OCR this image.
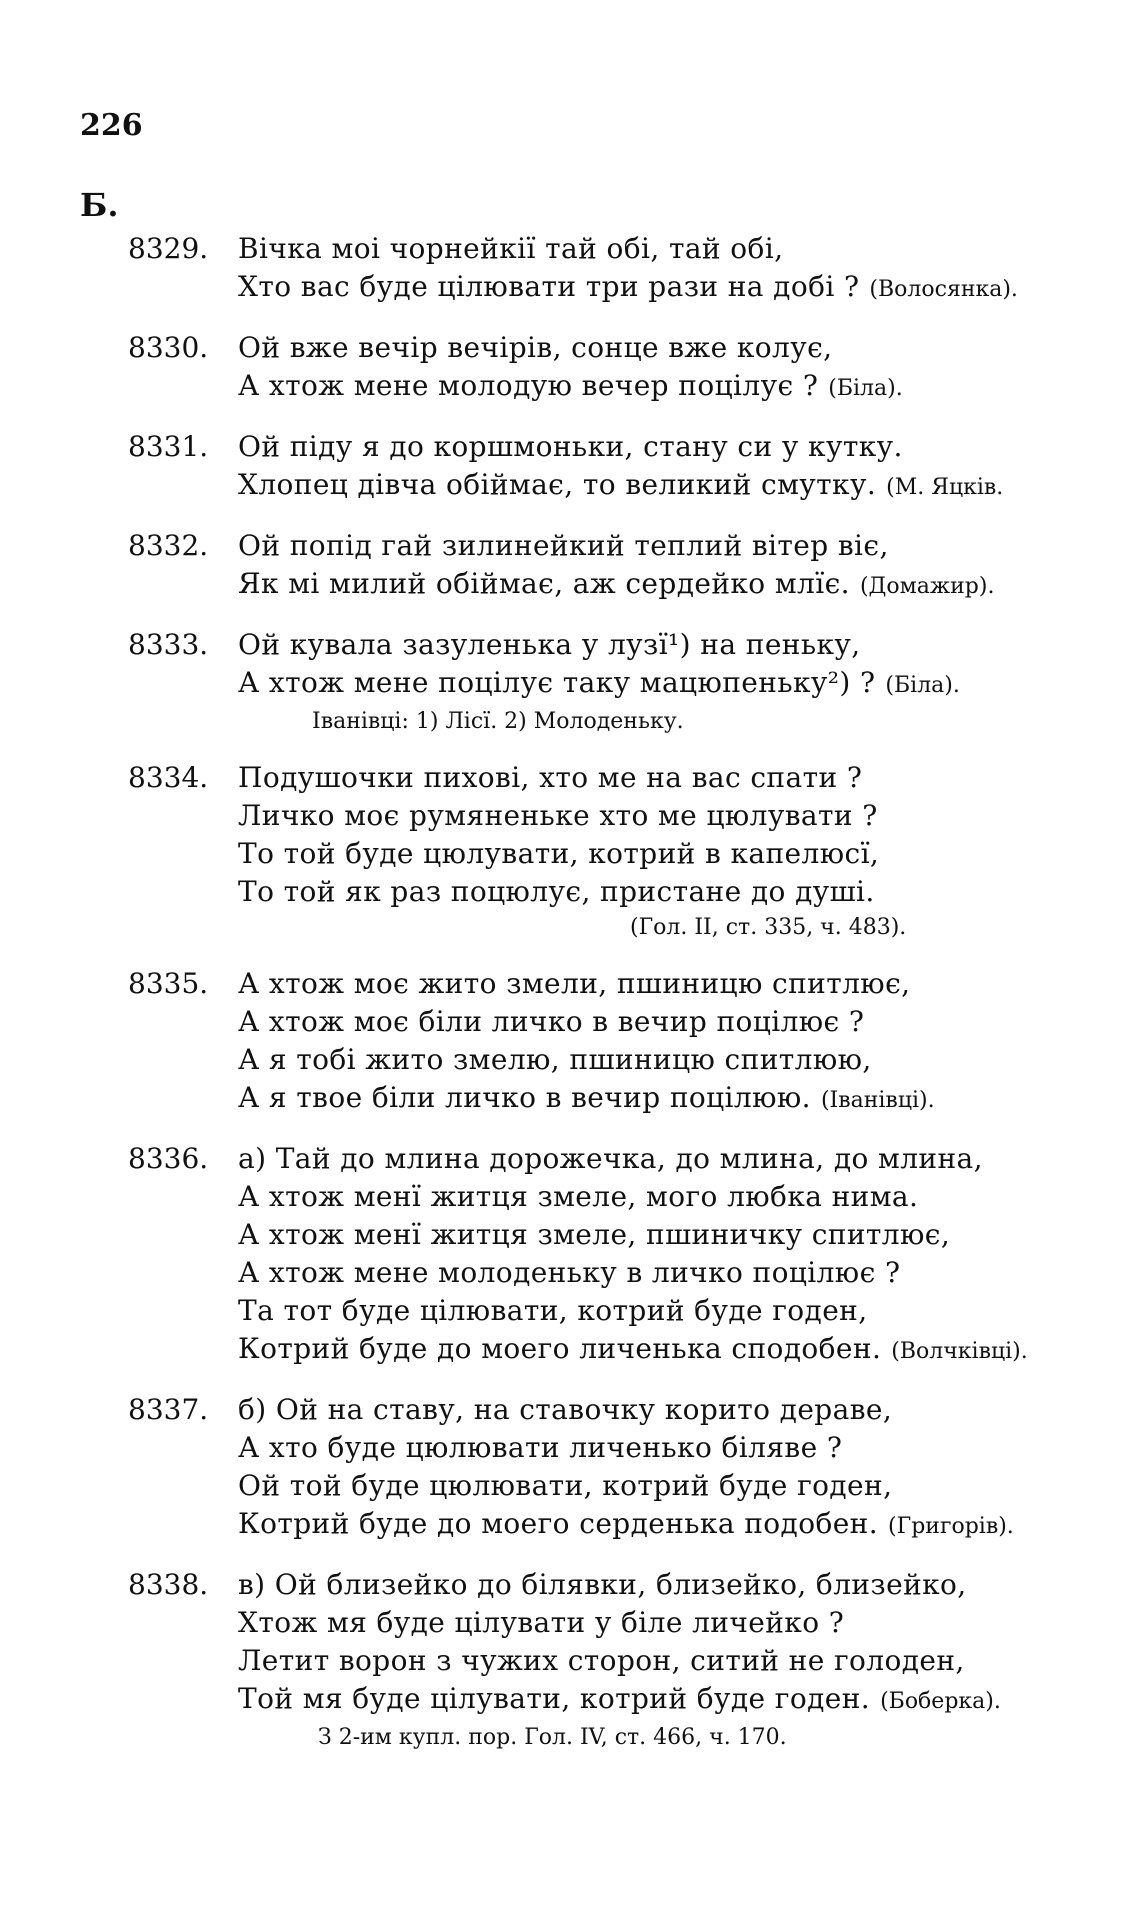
226
Б.
8329. Вічка моі чорнейкії тай обі, тай обі,
Хто вас буде цілювати три рази на добі ? (Волосянка).
8330. Ой вже вечір вечірів, сонце вже колує,
А хтож мене молодую вечер поцілує ? (Біла).
8331. Ой піду я до коршмоньки, стану си у кутку.
Хлопец дівча обіймає, то великий смутку. (М. Яцків.
8332. Ой попід гай зилинейкий теплий вітер віє,
Як мі милий обіймає, аж сердейко млїє. (Домажир).
8333. Ой кувала зазуленька у лузї¹) на пеньку,
А хтож мене поцілує таку мацюпеньку²) ? (Біла).
Іванівці: 1) Лісї. 2) Молоденьку.
8334. Подушочки пихові, хто ме на вас спати ?
Личко моє румяненьке хто ме цюлувати ?
То той буде цюлувати, котрий в капелюсї,
То той як раз поцюлує, пристане до душі.
(Гол. II, ст. 335, ч. 483).
8335. А хтож моє жито змели, пшиницю спитлює,
А хтож моє біли личко в вечир поцілює ?
А я тобі жито змелю, пшиницю спитлюю,
А я твое біли личко в вечир поцілюю. (Іванівці).
8336. а) Тай до млина дорожечка, до млина, до млина,
А хтож менї житця змеле, мого любка нима.
А хтож менї житця змеле, пшиничку спитлює,
А хтож мене молоденьку в личко поцілює ?
Та тот буде цілювати, котрий буде годен,
Котрий буде до моего личенька сподобен. (Волчківці).
8337. б) Ой на ставу, на ставочку корито дераве,
А хто буде цюлювати личенько біляве ?
Ой той буде цюлювати, котрий буде годен,
Котрий буде до моего серденька подобен. (Григорів).
8338. в) Ой близейко до білявки, близейко, близейко,
Хтож мя буде цілувати у біле личейко ?
Летит ворон з чужих сторон, ситий не голоден,
Той мя буде цілувати, котрий буде годен. (Боберка).
З 2-им купл. пор. Гол. IV, ст. 466, ч. 170.
